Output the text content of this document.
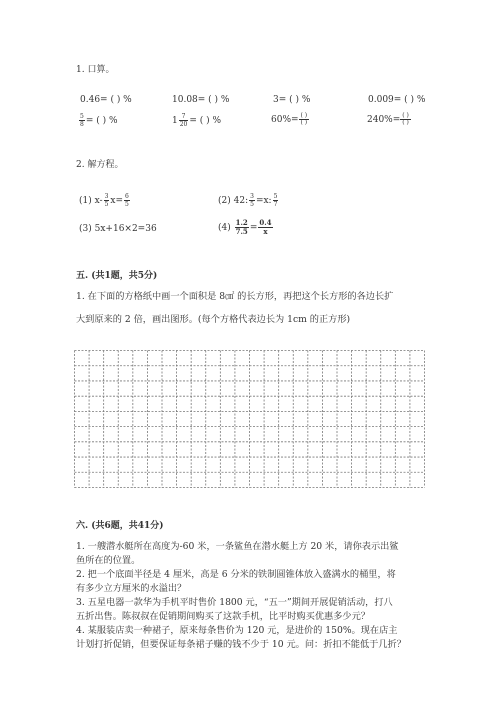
1. 口算。
0.46= ( ) %	10.08= ( ) %	3= ( ) %	0.009= ( ) %
$\frac{5}{8}$ = ( ) %	$1 \frac{7}{20}$ = ( ) %	$60\%= \frac{( )}{( )}$	$240\%= \frac{( )}{( )}$
2. 解方程。
(1) $x- \frac{3}{5} x= \frac{6}{5}$	(2) 42: $\frac{3}{5} =x$: $\frac{5}{7}$
(3) 5x+16×2=36	$(4) \frac{1.2}{7.5} = \frac{0.4}{x}$
五. (共1题，共5分)
1. 在下面的方格纸中画一个面积是 8㎠ 的长方形，再把这个长方形的各边长扩
大到原来的 2 倍，画出图形。(每个方格代表边长为 1cm 的正方形)
六. (共6题，共41分)
1. 一艘潜水艇所在高度为-60 米，一条鲨鱼在潜水艇上方 20 米，请你表示出鲨
鱼所在的位置。
2. 把一个底面半径是 4 厘米，高是 6 分米的铁制圆锥体放入盛满水的桶里，将
有多少立方厘米的水溢出？
3. 五星电器一款华为手机平时售价 1800 元，“五一”期间开展促销活动，打八
五折出售。陈叔叔在促销期间购买了这款手机，比平时购买优惠多少元？
4. 某服装店卖一种裙子，原来每条售价为 120 元，是进价的 150%。现在店主
计划打折促销，但要保证每条裙子赚的钱不少于 10 元。问：折扣不能低于几折？
